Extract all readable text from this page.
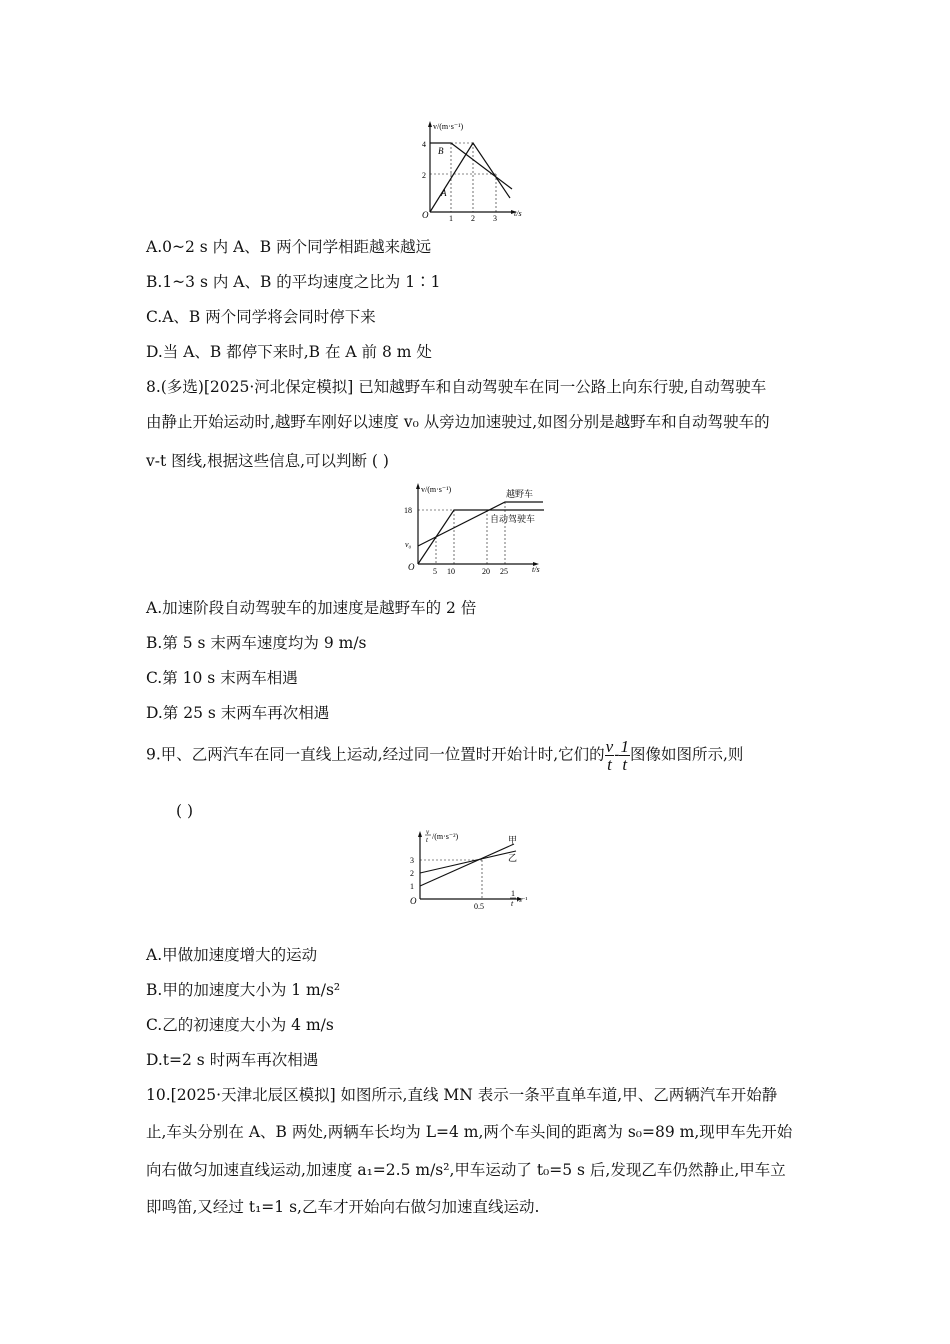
v/(m·s⁻¹)
t/s
O
4
2
1 2 3
B
A
A.0~2 s 内 A、B 两个同学相距越来越远
B.1~3 s 内 A、B 的平均速度之比为 1∶1
C.A、B 两个同学将会同时停下来
D.当 A、B 都停下来时,B 在 A 前 8 m 处
8.(多选)[2025·河北保定模拟] 已知越野车和自动驾驶车在同一公路上向东行驶,自动驾驶车
由静止开始运动时,越野车刚好以速度 v₀ 从旁边加速驶过,如图分别是越野车和自动驾驶车的
v-t 图线,根据这些信息,可以判断 ( )
v/(m·s⁻¹)
t/s
O
18
v₀
5 10	20 25
越野车
自动驾驶车
A.加速阶段自动驾驶车的加速度是越野车的 2 倍
B.第 5 s 末两车速度均为 9 m/s
C.第 10 s 末两车相遇
D.第 25 s 末两车再次相遇
9.甲、乙两汽车在同一直线上运动,经过同一位置时开始计时,它们的 $\frac{v}{t} - \frac{1}{t}$ 图像如图所示,则
( )
v
t /(m·s⁻²)
1
t /s⁻¹
O
3
2
1
0.5
甲
乙
A.甲做加速度增大的运动
B.甲的加速度大小为 1 m/s²
C.乙的初速度大小为 4 m/s
D.t=2 s 时两车再次相遇
10.[2025·天津北辰区模拟] 如图所示,直线 MN 表示一条平直单车道,甲、乙两辆汽车开始静
止,车头分别在 A、B 两处,两辆车长均为 L=4 m,两个车头间的距离为 s₀=89 m,现甲车先开始
向右做匀加速直线运动,加速度 a₁=2.5 m/s²,甲车运动了 t₀=5 s 后,发现乙车仍然静止,甲车立
即鸣笛,又经过 t₁=1 s,乙车才开始向右做匀加速直线运动.
